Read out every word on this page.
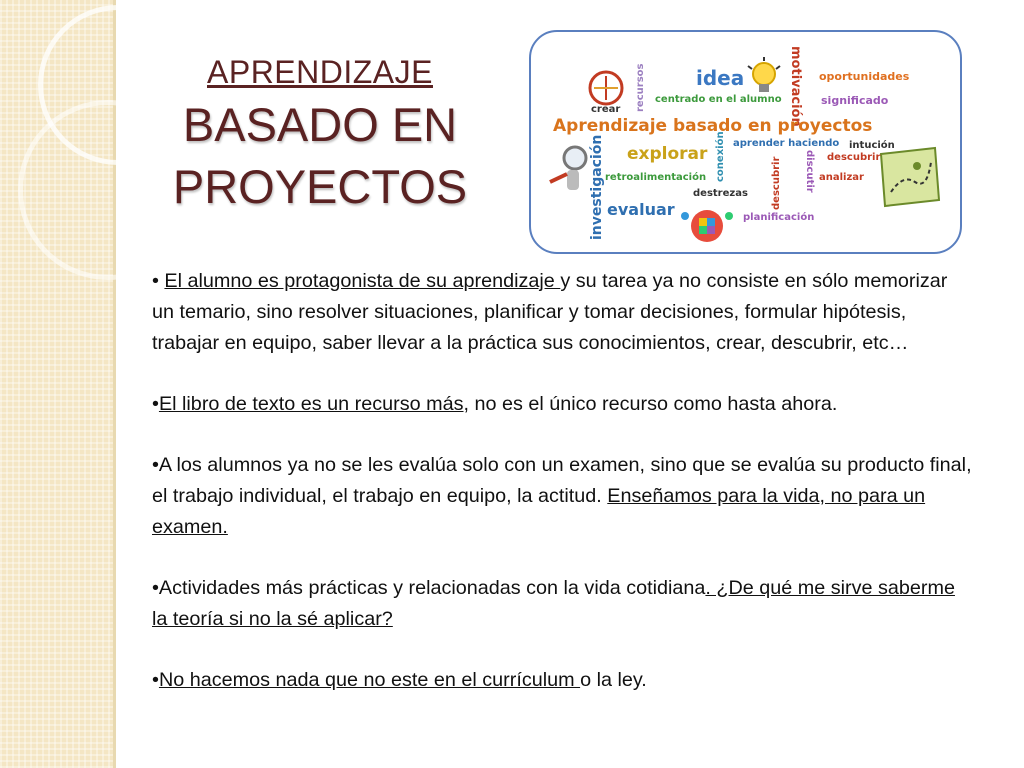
APRENDIZAJE
BASADO EN
PROYECTOS
idea	motivación oportunidades
significado
centrado en el alumno
recursos
crear
Aprendizaje basado en proyectos
explorar
investigación retroalimentación conexión aprender haciendo intución
descubrir
discutir
descubrir	analizar
destrezas
evaluar	planificación

• El alumno es protagonista de su aprendizaje y su tarea ya no consiste en sólo memorizar un temario, sino resolver situaciones, planificar y tomar decisiones, formular hipótesis, trabajar en equipo, saber llevar a la práctica sus conocimientos, crear, descubrir, etc…

•El libro de texto es un recurso más, no es el único recurso como hasta ahora.

•A los alumnos ya no se les evalúa solo con un examen, sino que se evalúa su producto final, el trabajo individual, el trabajo en equipo, la actitud. Enseñamos para la vida, no para un examen.

•Actividades más prácticas y relacionadas con la vida cotidiana. ¿De qué me sirve saberme la teoría si no la sé aplicar?

•No hacemos nada que no este en el currículum o la ley.
